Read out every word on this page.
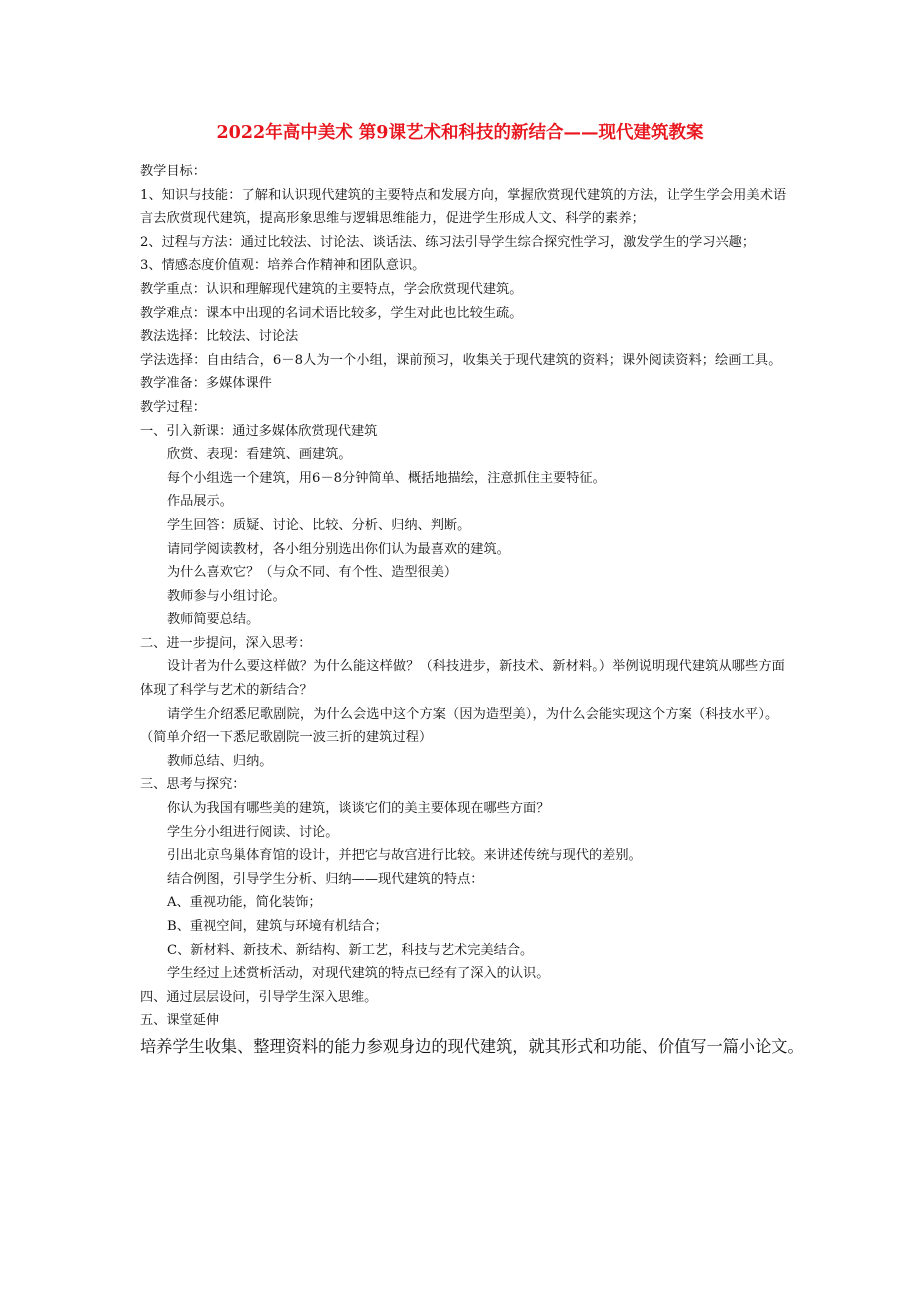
2022年高中美术 第9课艺术和科技的新结合——现代建筑教案
教学目标：
1、知识与技能：了解和认识现代建筑的主要特点和发展方向，掌握欣赏现代建筑的方法，让学生学会用美术语言去欣赏现代建筑，提高形象思维与逻辑思维能力，促进学生形成人文、科学的素养；
2、过程与方法：通过比较法、讨论法、谈话法、练习法引导学生综合探究性学习，激发学生的学习兴趣；
3、情感态度价值观：培养合作精神和团队意识。
教学重点：认识和理解现代建筑的主要特点，学会欣赏现代建筑。
教学难点：课本中出现的名词术语比较多，学生对此也比较生疏。
教法选择：比较法、讨论法
学法选择：自由结合，6－8人为一个小组，课前预习，收集关于现代建筑的资料；课外阅读资料；绘画工具。
教学准备：多媒体课件
教学过程：
一、引入新课：通过多媒体欣赏现代建筑
欣赏、表现：看建筑、画建筑。
每个小组选一个建筑，用6－8分钟简单、概括地描绘，注意抓住主要特征。
作品展示。
学生回答：质疑、讨论、比较、分析、归纳、判断。
请同学阅读教材，各小组分别选出你们认为最喜欢的建筑。
为什么喜欢它？（与众不同、有个性、造型很美）
教师参与小组讨论。
教师简要总结。
二、进一步提问，深入思考：
设计者为什么要这样做？为什么能这样做？（科技进步，新技术、新材料。）举例说明现代建筑从哪些方面体现了科学与艺术的新结合？
请学生介绍悉尼歌剧院，为什么会选中这个方案（因为造型美），为什么会能实现这个方案（科技水平）。（简单介绍一下悉尼歌剧院一波三折的建筑过程）
教师总结、归纳。
三、思考与探究：
你认为我国有哪些美的建筑，谈谈它们的美主要体现在哪些方面？
学生分小组进行阅读、讨论。
引出北京鸟巢体育馆的设计，并把它与故宫进行比较。来讲述传统与现代的差别。
结合例图，引导学生分析、归纳——现代建筑的特点：
A、重视功能，简化装饰；
B、重视空间，建筑与环境有机结合；
C、新材料、新技术、新结构、新工艺，科技与艺术完美结合。
学生经过上述赏析活动，对现代建筑的特点已经有了深入的认识。
四、通过层层设问，引导学生深入思维。
五、课堂延伸
培养学生收集、整理资料的能力参观身边的现代建筑，就其形式和功能、价值写一篇小论文。
